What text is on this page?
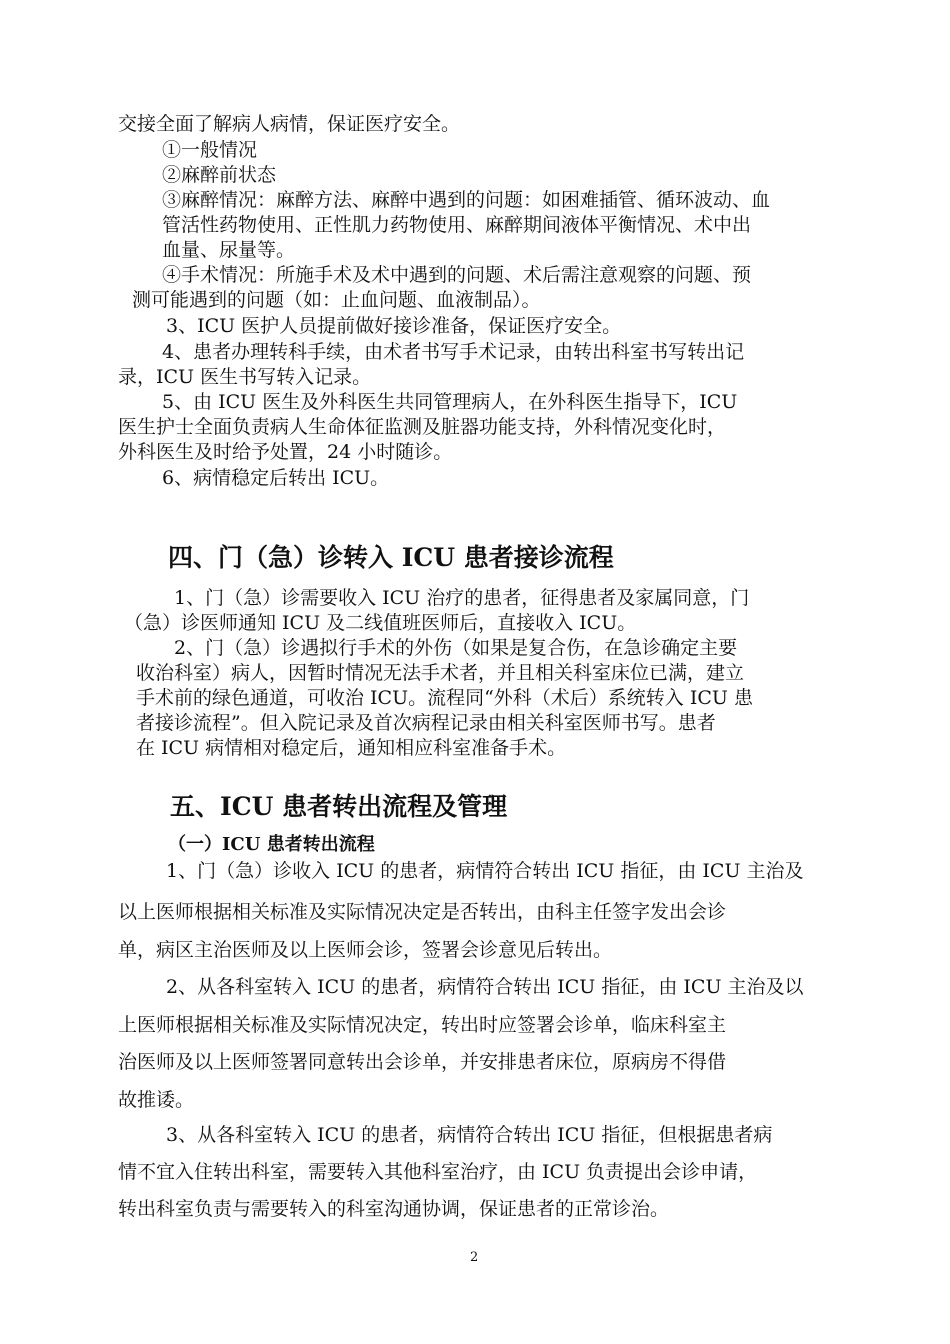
交接全面了解病人病情，保证医疗安全。
①一般情况
②麻醉前状态
③麻醉情况：麻醉方法、麻醉中遇到的问题：如困难插管、循环波动、血
管活性药物使用、正性肌力药物使用、麻醉期间液体平衡情况、术中出
血量、尿量等。
④手术情况：所施手术及术中遇到的问题、术后需注意观察的问题、预
测可能遇到的问题（如：止血问题、血液制品）。
3、ICU 医护人员提前做好接诊准备，保证医疗安全。
4、患者办理转科手续，由术者书写手术记录，由转出科室书写转出记
录，ICU 医生书写转入记录。
5、由 ICU 医生及外科医生共同管理病人，在外科医生指导下，ICU
医生护士全面负责病人生命体征监测及脏器功能支持，外科情况变化时，
外科医生及时给予处置，24 小时随诊。
6、病情稳定后转出 ICU。
四、门（急）诊转入 ICU 患者接诊流程
1、门（急）诊需要收入 ICU 治疗的患者，征得患者及家属同意，门
（急）诊医师通知 ICU 及二线值班医师后，直接收入 ICU。
2、门（急）诊遇拟行手术的外伤（如果是复合伤，在急诊确定主要
收治科室）病人，因暂时情况无法手术者，并且相关科室床位已满，建立
手术前的绿色通道，可收治 ICU。流程同“外科（术后）系统转入 ICU 患
者接诊流程”。但入院记录及首次病程记录由相关科室医师书写。患者
在 ICU 病情相对稳定后，通知相应科室准备手术。
五、ICU 患者转出流程及管理
（一）ICU 患者转出流程
1、门（急）诊收入 ICU 的患者，病情符合转出 ICU 指征，由 ICU 主治及
以上医师根据相关标准及实际情况决定是否转出，由科主任签字发出会诊
单，病区主治医师及以上医师会诊，签署会诊意见后转出。
2、从各科室转入 ICU 的患者，病情符合转出 ICU 指征，由 ICU 主治及以
上医师根据相关标准及实际情况决定，转出时应签署会诊单，临床科室主
治医师及以上医师签署同意转出会诊单，并安排患者床位，原病房不得借
故推诿。
3、从各科室转入 ICU 的患者，病情符合转出 ICU 指征，但根据患者病
情不宜入住转出科室，需要转入其他科室治疗，由 ICU 负责提出会诊申请，
转出科室负责与需要转入的科室沟通协调，保证患者的正常诊治。
2
